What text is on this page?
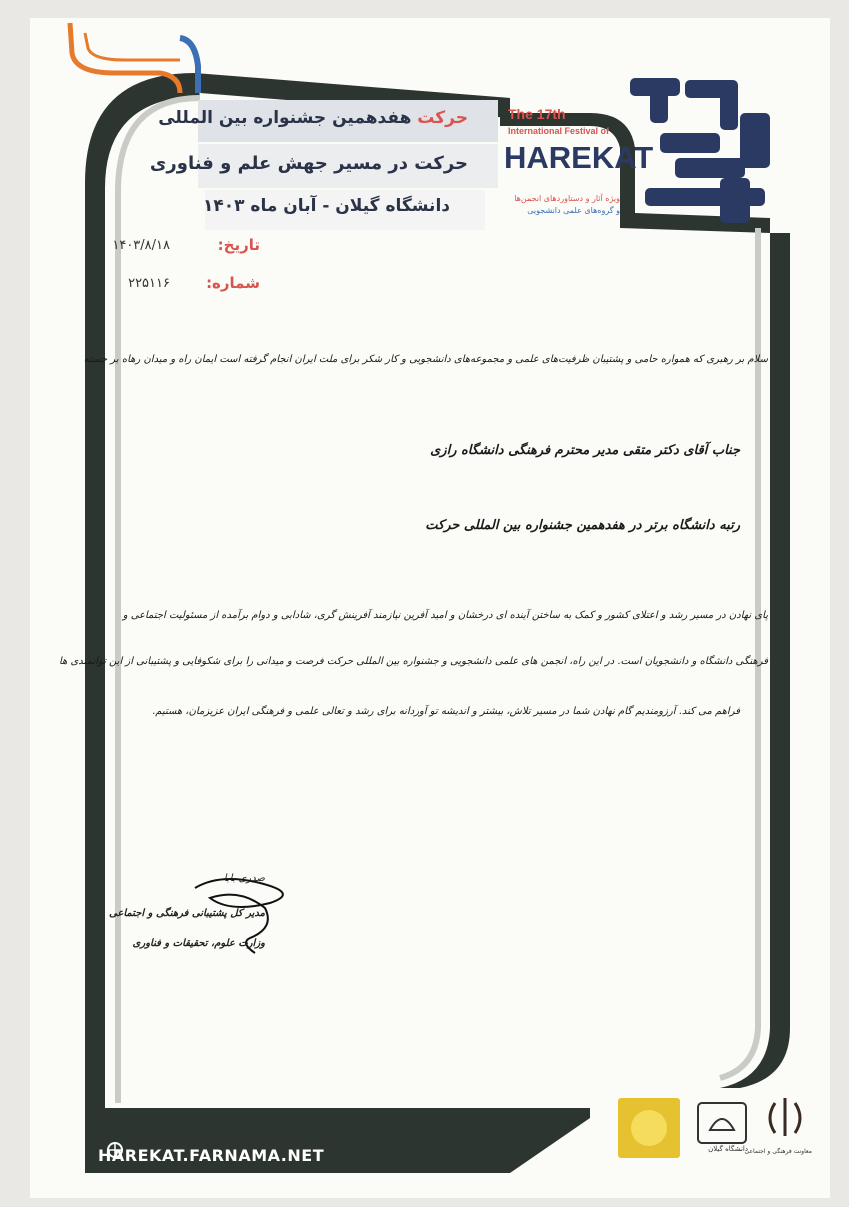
حرکت هفدهمین جشنواره بین المللی
حرکت در مسیر جهش علم و فناوری
دانشگاه گیلان - آبان ماه ۱۴۰۳
The 17th
International Festival of
HAREKAT
ویژه آثار و دستاوردهای انجمن‌ها
و گروه‌های علمی دانشجویی
تاریخ:
۱۴۰۳/۸/۱۸
شماره:
۲۲۵۱۱۶
سلام بر رهبری که همواره حامی و پشتیبان ظرفیت‌های علمی و مجموعه‌های دانشجویی و کار شکر برای ملت ایران انجام گرفته است ایمان راه و میدان رهاه بر جسته
جناب آقای دکتر متقی مدیر محترم فرهنگی دانشگاه رازی
رتبه دانشگاه برتر در هفدهمین جشنواره بین المللی حرکت
پای نهادن در مسیر رشد و اعتلای کشور و کمک به ساختن آینده ای درخشان و امید آفرین نیازمند آفرینش گری، شادابی و دوام برآمده از مسئولیت اجتماعی و
فرهنگی دانشگاه و دانشجویان است. در این راه، انجمن های علمی دانشجویی و جشنواره بین المللی حرکت فرصت و میدانی را برای شکوفایی و پشتیبانی از این توانمندی ها
فراهم می کند. آرزومندیم گام نهادن شما در مسیر تلاش، بیشتر و اندیشه تو آوردانه برای رشد و تعالی علمی و فرهنگی ایران عزیزمان، هستیم.
صدری بابا
مدیر کل پشتیبانی فرهنگی و اجتماعی
وزارت علوم، تحقیقات و فناوری
HAREKAT.FARNAMA.NET	دانشگاه گیلان
معاونت فرهنگی و اجتماعی
